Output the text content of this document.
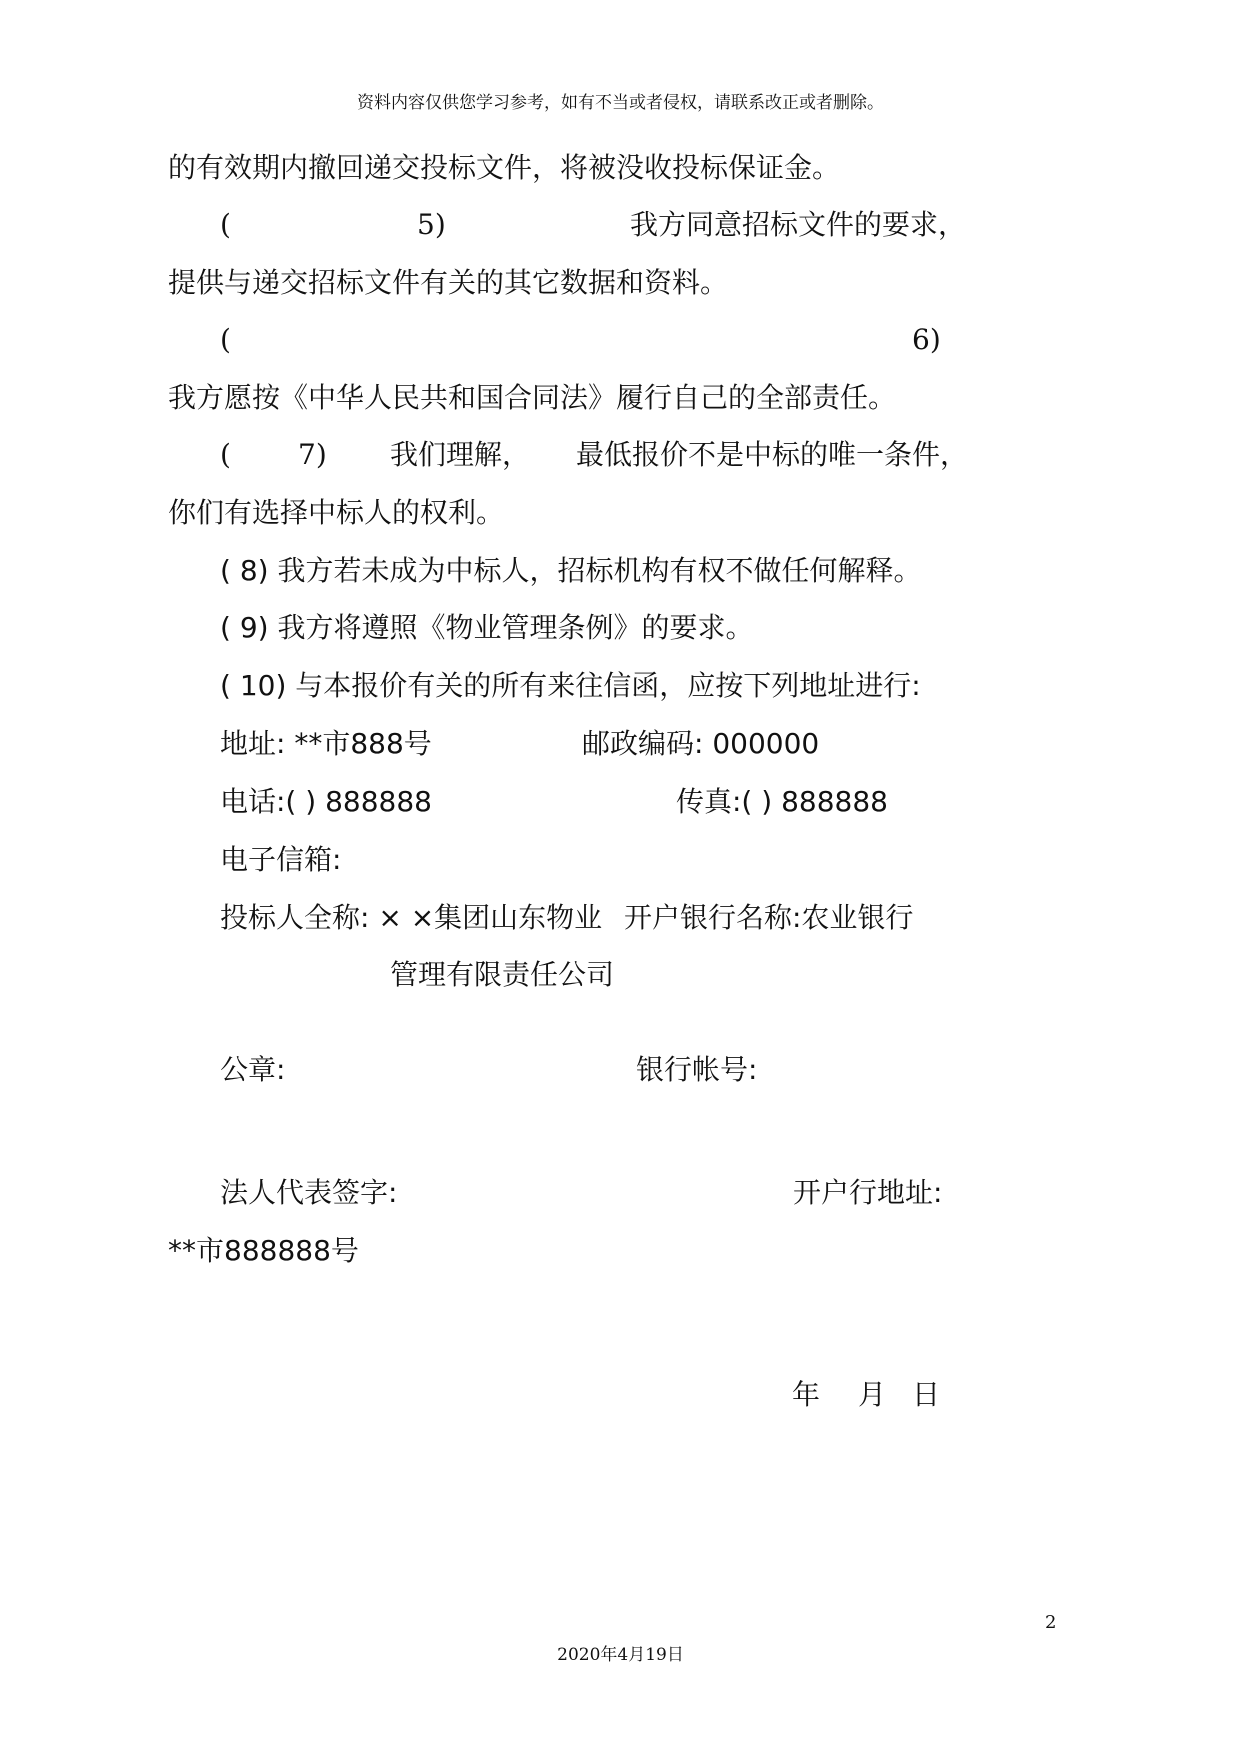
资料内容仅供您学习参考，如有不当或者侵权，请联系改正或者删除。
的有效期内撤回递交投标文件，将被没收投标保证金。
(	5)	我方同意招标文件的要求，
提供与递交招标文件有关的其它数据和资料。
(	6)
我方愿按《中华人民共和国合同法》履行自己的全部责任。
( 7) 我们理解， 最低报价不是中标的唯一条件，
你们有选择中标人的权利。
( 8) 我方若未成为中标人，招标机构有权不做任何解释。
( 9) 我方将遵照《物业管理条例》的要求。
( 10) 与本报价有关的所有来往信函，应按下列地址进行:
地址: **市888号	邮政编码: 000000
电话:( ) 888888	传真:( ) 888888
电子信箱:
投标人全称: × ×集团山东物业 开户银行名称:农业银行
管理有限责任公司
公章:	银行帐号:
法人代表签字:	开户行地址:
**市888888号
年 月 日
2
2020年4月19日
